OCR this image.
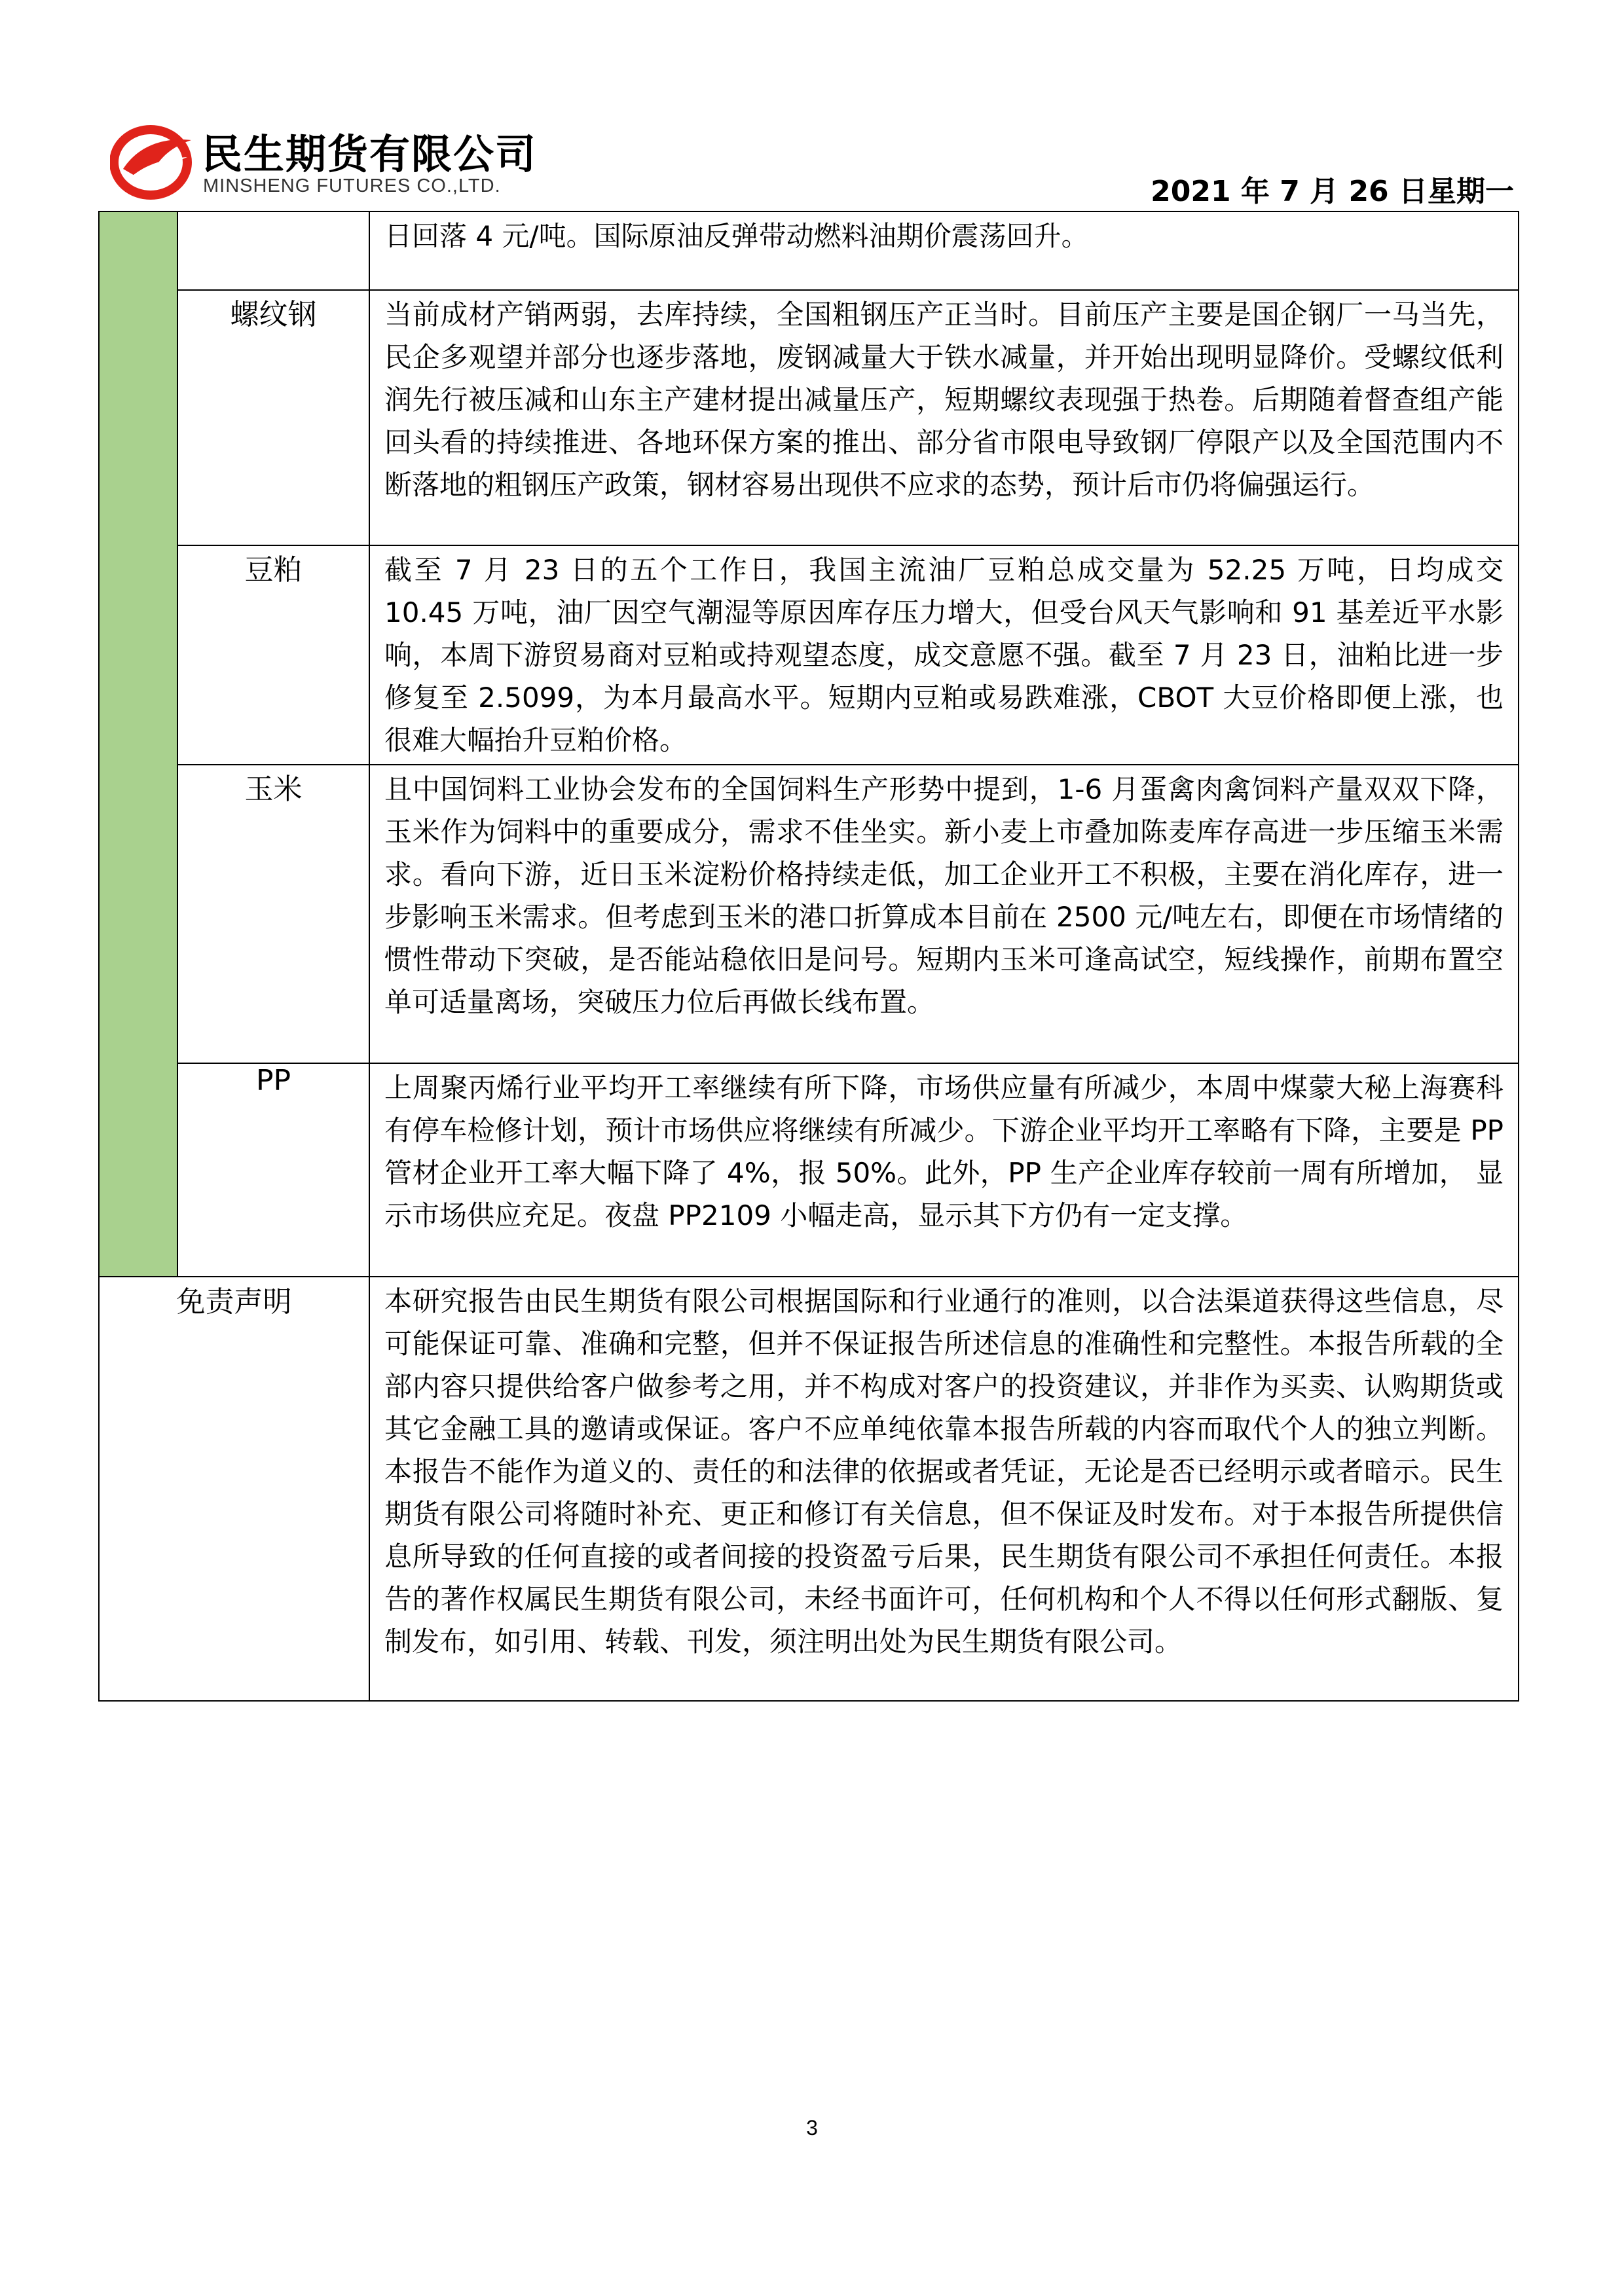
民生期货有限公司
MINSHENG FUTURES CO.,LTD.	2021 年 7 月 26 日星期一
		日回落 4 元/吨。国际原油反弹带动燃料油期价震荡回升。
	螺纹钢	当前成材产销两弱，去库持续，全国粗钢压产正当时。目前压产主要是国企钢厂一马当先，民企多观望并部分也逐步落地，废钢减量大于铁水减量，并开始出现明显降价。受螺纹低利润先行被压减和山东主产建材提出减量压产，短期螺纹表现强于热卷。后期随着督查组产能回头看的持续推进、各地环保方案的推出、部分省市限电导致钢厂停限产以及全国范围内不断落地的粗钢压产政策，钢材容易出现供不应求的态势，预计后市仍将偏强运行。
	豆粕	截至 7 月 23 日的五个工作日，我国主流油厂豆粕总成交量为 52.25 万吨，日均成交 10.45 万吨，油厂因空气潮湿等原因库存压力增大，但受台风天气影响和 91 基差近平水影响，本周下游贸易商对豆粕或持观望态度，成交意愿不强。截至 7 月 23 日，油粕比进一步修复至 2.5099，为本月最高水平。短期内豆粕或易跌难涨，CBOT 大豆价格即便上涨，也很难大幅抬升豆粕价格。
	玉米	且中国饲料工业协会发布的全国饲料生产形势中提到，1-6 月蛋禽肉禽饲料产量双双下降，玉米作为饲料中的重要成分，需求不佳坐实。新小麦上市叠加陈麦库存高进一步压缩玉米需求。看向下游，近日玉米淀粉价格持续走低，加工企业开工不积极，主要在消化库存，进一步影响玉米需求。但考虑到玉米的港口折算成本目前在 2500 元/吨左右，即便在市场情绪的惯性带动下突破，是否能站稳依旧是问号。短期内玉米可逢高试空，短线操作，前期布置空单可适量离场，突破压力位后再做长线布置。
	PP	上周聚丙烯行业平均开工率继续有所下降，市场供应量有所减少，本周中煤蒙大秘上海赛科 有停车检修计划，预计市场供应将继续有所减少。下游企业平均开工率略有下降，主要是 PP 管材企业开工率大幅下降了 4%，报 50%。此外，PP 生产企业库存较前一周有所增加， 显示市场供应充足。夜盘 PP2109 小幅走高，显示其下方仍有一定支撑。
免责声明		本研究报告由民生期货有限公司根据国际和行业通行的准则，以合法渠道获得这些信息，尽可能保证可靠、准确和完整，但并不保证报告所述信息的准确性和完整性。本报告所载的全部内容只提供给客户做参考之用，并不构成对客户的投资建议，并非作为买卖、认购期货或其它金融工具的邀请或保证。客户不应单纯依靠本报告所载的内容而取代个人的独立判断。本报告不能作为道义的、责任的和法律的依据或者凭证，无论是否已经明示或者暗示。民生期货有限公司将随时补充、更正和修订有关信息，但不保证及时发布。对于本报告所提供信息所导致的任何直接的或者间接的投资盈亏后果，民生期货有限公司不承担任何责任。本报告的著作权属民生期货有限公司，未经书面许可，任何机构和个人不得以任何形式翻版、复制发布，如引用、转载、刊发，须注明出处为民生期货有限公司。
3
